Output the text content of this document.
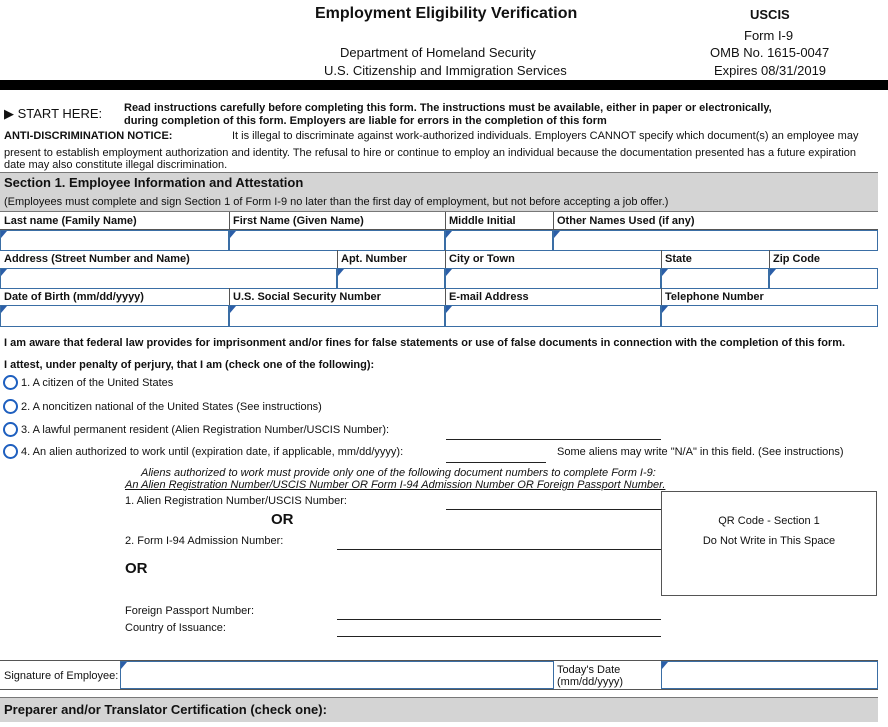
Employment Eligibility Verification
Department of Homeland Security
U.S. Citizenship and Immigration Services
USCIS
Form I-9
OMB No. 1615-0047
Expires 08/31/2019
▶ START HERE: Read instructions carefully before completing this form. The instructions must be available, either in paper or electronically,
during completion of this form. Employers are liable for errors in the completion of this form
ANTI-DISCRIMINATION NOTICE:	It is illegal to discriminate against work-authorized individuals. Employers CANNOT specify which document(s) an employee may
present to establish employment authorization and identity. The refusal to hire or continue to employ an individual because the documentation presented has a future expiration
date may also constitute illegal discrimination.
Section 1. Employee Information and Attestation
(Employees must complete and sign Section 1 of Form I-9 no later than the first day of employment, but not before accepting a job offer.)
Last name (Family Name)	First Name (Given Name)	Middle Initial	Other Names Used (if any)
Address (Street Number and Name)	Apt. Number	City or Town	State	Zip Code
Date of Birth (mm/dd/yyyy)	U.S. Social Security Number	E-mail Address	Telephone Number
I am aware that federal law provides for imprisonment and/or fines for false statements or use of false documents in connection with the completion of this form.
I attest, under penalty of perjury, that I am (check one of the following):
1. A citizen of the United States
2. A noncitizen national of the United States (See instructions)
3. A lawful permanent resident (Alien Registration Number/USCIS Number):
4. An alien authorized to work until (expiration date, if applicable, mm/dd/yyyy):	Some aliens may write "N/A" in this field. (See instructions)
Aliens authorized to work must provide only one of the following document numbers to complete Form I-9:
An Alien Registration Number/USCIS Number OR Form I-94 Admission Number OR Foreign Passport Number.
1. Alien Registration Number/USCIS Number:
OR
2. Form I-94 Admission Number:
OR
QR Code - Section 1
Do Not Write in This Space
Foreign Passport Number:
Country of Issuance:
Signature of Employee:	Today's Date
(mm/dd/yyyy)
Preparer and/or Translator Certification (check one):
